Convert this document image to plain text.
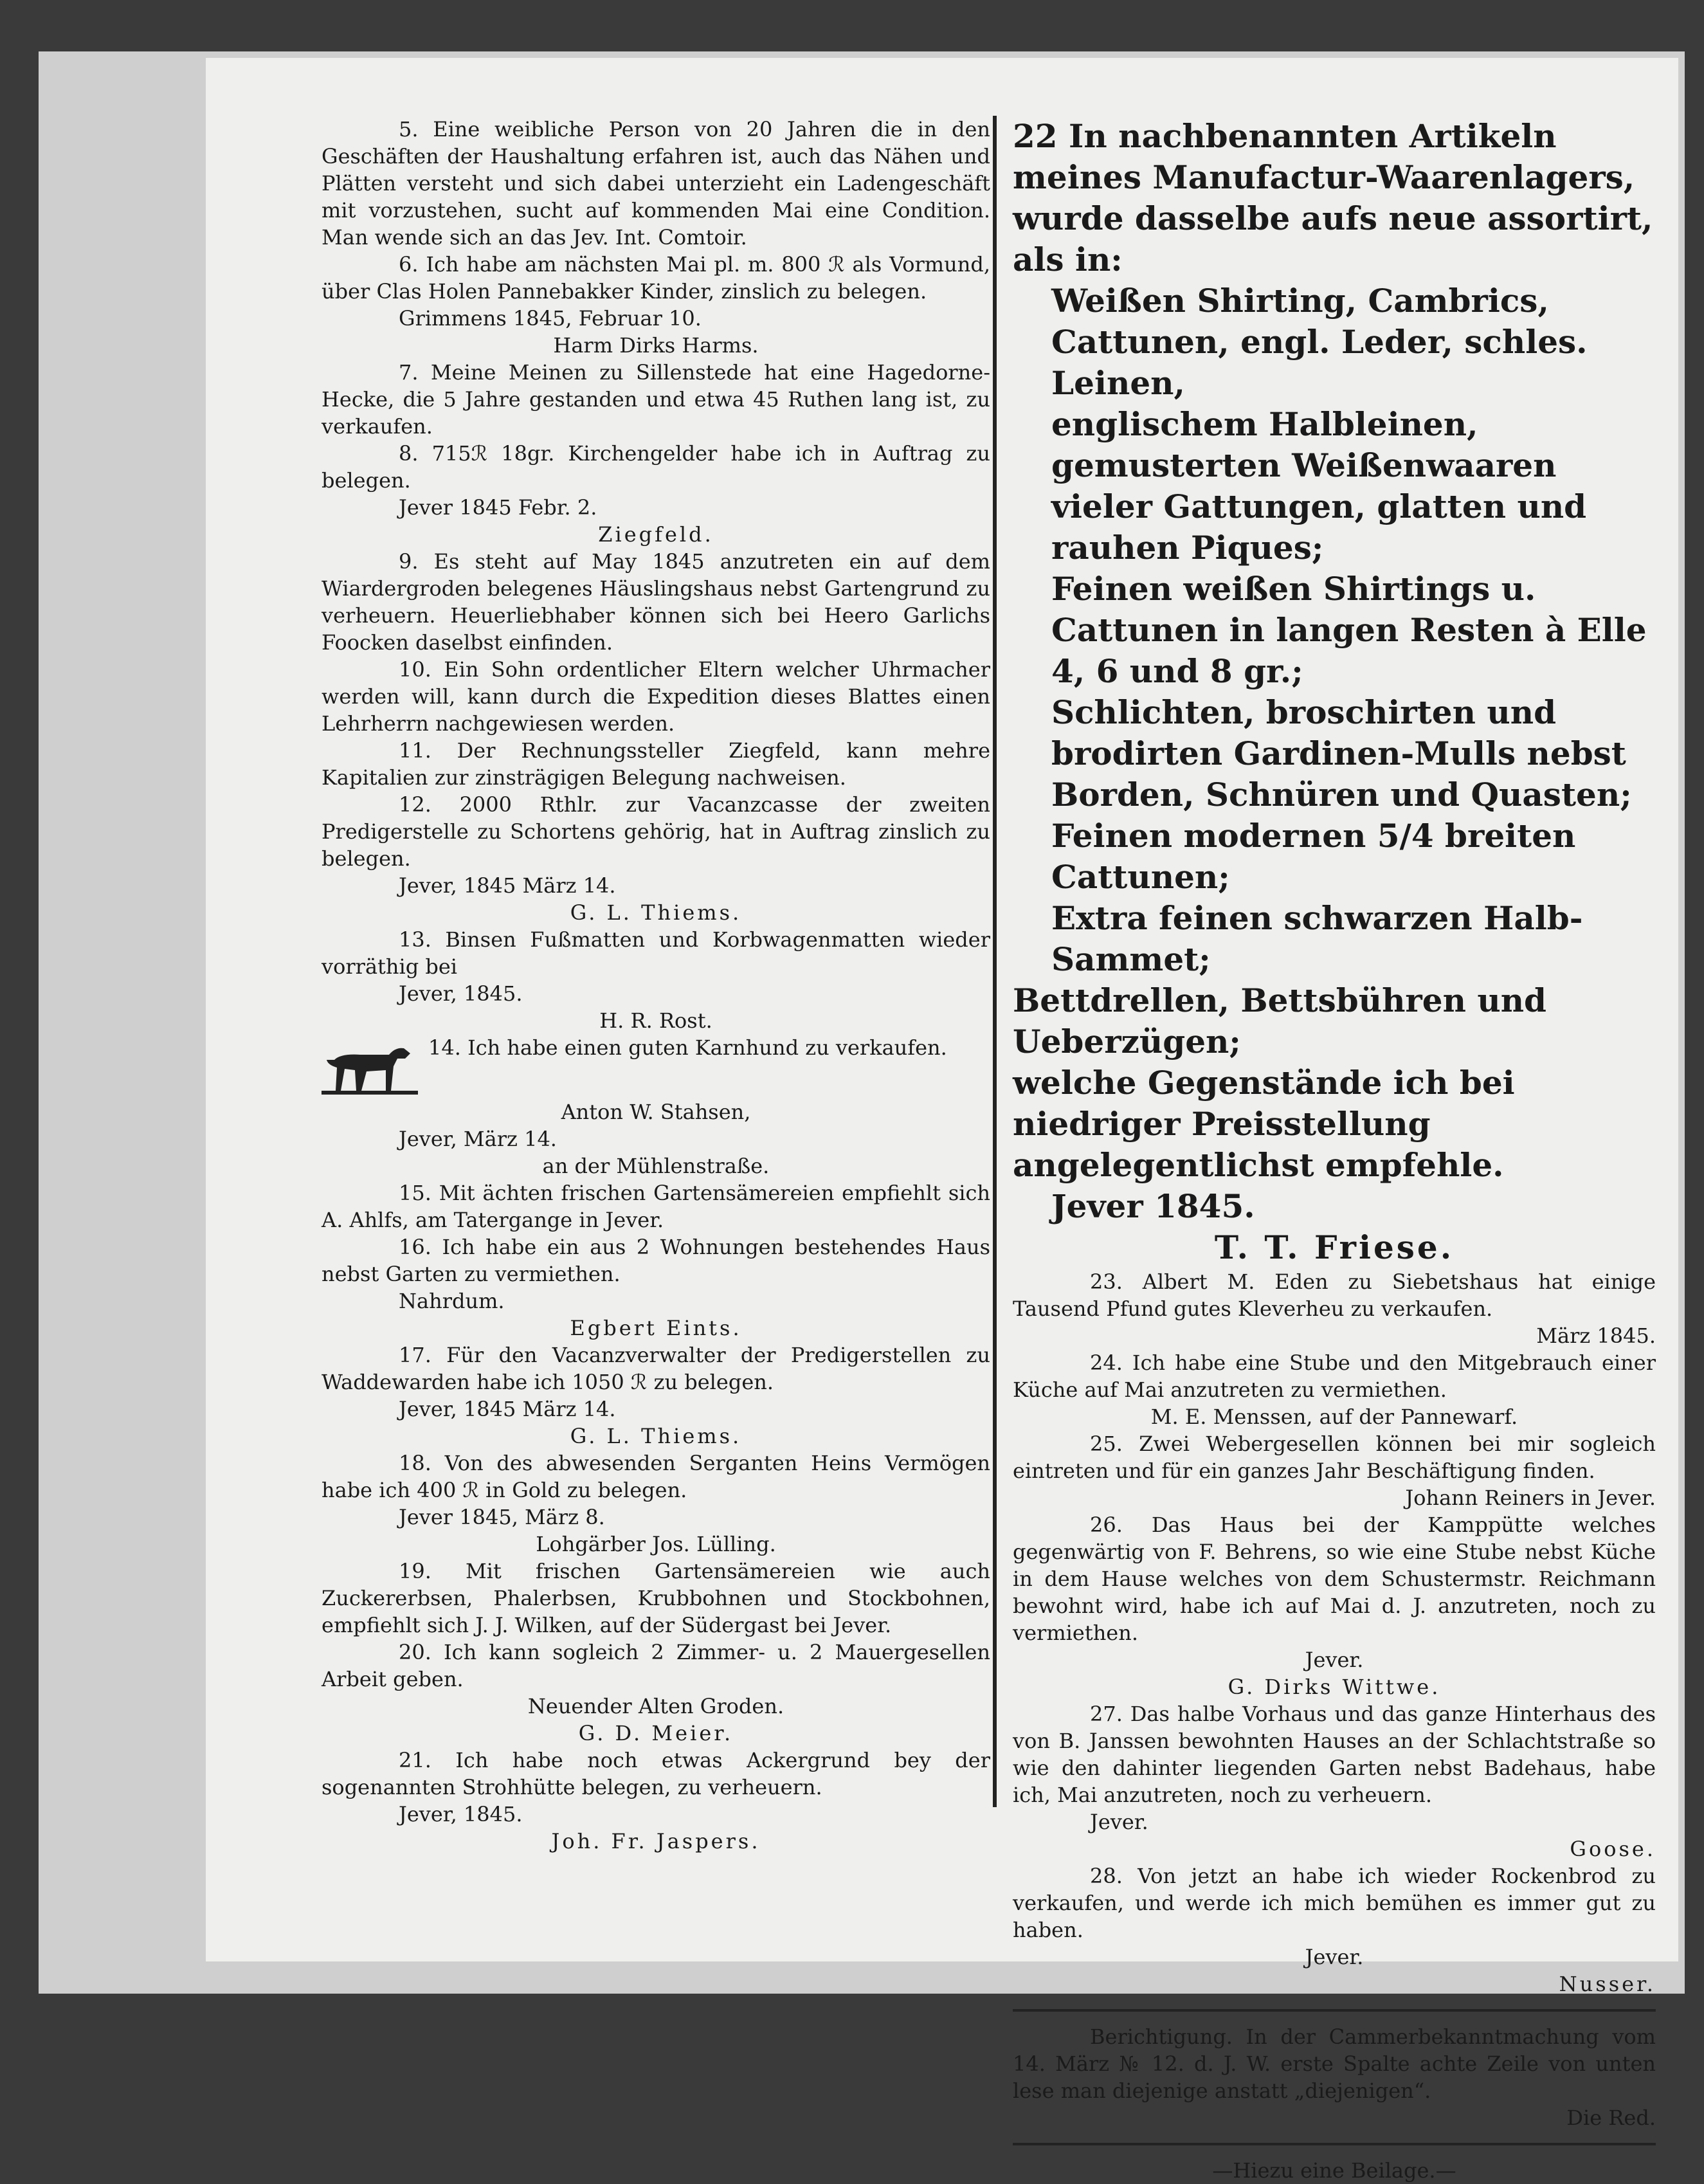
5. Eine weibliche Person von 20 Jahren die in den Geschäften der Haushaltung erfahren ist, auch das Nähen und Plätten versteht und sich dabei unterzieht ein Ladengeschäft mit vorzustehen, sucht auf kommenden Mai eine Condition. Man wende sich an das Jev. Int. Comtoir.

6. Ich habe am nächsten Mai pl. m. 800 ℛ als Vormund, über Clas Holen Pannebakker Kinder, zinslich zu belegen.

Grimmens 1845, Februar 10.

Harm Dirks Harms.

7. Meine Meinen zu Sillenstede hat eine Hagedorne-Hecke, die 5 Jahre gestanden und etwa 45 Ruthen lang ist, zu verkaufen.

8. 715ℛ 18gr. Kirchengelder habe ich in Auftrag zu belegen.

Jever 1845 Febr. 2.

Ziegfeld.

9. Es steht auf May 1845 anzutreten ein auf dem Wiardergroden belegenes Häuslingshaus nebst Gartengrund zu verheuern. Heuerliebhaber können sich bei Heero Garlichs Foocken daselbst einfinden.

10. Ein Sohn ordentlicher Eltern welcher Uhrmacher werden will, kann durch die Expedition dieses Blattes einen Lehrherrn nachgewiesen werden.

11. Der Rechnungssteller Ziegfeld, kann mehre Kapitalien zur zinsträgigen Belegung nachweisen.

12. 2000 Rthlr. zur Vacanzcasse der zweiten Predigerstelle zu Schortens gehörig, hat in Auftrag zinslich zu belegen.

Jever, 1845 März 14.

G. L. Thiems.

13. Binsen Fußmatten und Korbwagenmatten wieder vorräthig bei

Jever, 1845.

H. R. Rost.

14. Ich habe einen guten Karnhund zu verkaufen.

Anton W. Stahsen,

Jever, März 14.

an der Mühlenstraße.

15. Mit ächten frischen Gartensämereien empfiehlt sich A. Ahlfs, am Tatergange in Jever.

16. Ich habe ein aus 2 Wohnungen bestehendes Haus nebst Garten zu vermiethen.

Nahrdum.

Egbert Eints.

17. Für den Vacanzverwalter der Predigerstellen zu Waddewarden habe ich 1050 ℛ zu belegen.

Jever, 1845 März 14.

G. L. Thiems.

18. Von des abwesenden Serganten Heins Vermögen habe ich 400 ℛ in Gold zu belegen.

Jever 1845, März 8.

Lohgärber Jos. Lülling.

19. Mit frischen Gartensämereien wie auch Zuckererbsen, Phalerbsen, Krubbohnen und Stockbohnen, empfiehlt sich J. J. Wilken, auf der Südergast bei Jever.

20. Ich kann sogleich 2 Zimmer- u. 2 Mauergesellen Arbeit geben.

Neuender Alten Groden.

G. D. Meier.

21. Ich habe noch etwas Ackergrund bey der sogenannten Strohhütte belegen, zu verheuern.

Jever, 1845.

Joh. Fr. Jaspers.

22 In nachbenannten Artikeln meines Manufactur-Waarenlagers, wurde dasselbe aufs neue assortirt, als in:

Weißen Shirting, Cambrics, Cattunen, engl. Leder, schles. Leinen,

englischem Halbleinen, gemusterten Weißenwaaren vieler Gattungen, glatten und rauhen Piques;

Feinen weißen Shirtings u. Cattunen in langen Resten à Elle 4, 6 und 8 gr.;

Schlichten, broschirten und brodirten Gardinen-Mulls nebst Borden, Schnüren und Quasten;

Feinen modernen 5/4 breiten Cattunen;

Extra feinen schwarzen Halb-Sammet;

Bettdrellen, Bettsbühren und Ueberzügen;

welche Gegenstände ich bei niedriger Preisstellung angelegentlichst empfehle.

Jever 1845.

T. T. Friese.

23. Albert M. Eden zu Siebetshaus hat einige Tausend Pfund gutes Kleverheu zu verkaufen.

März 1845.

24. Ich habe eine Stube und den Mitgebrauch einer Küche auf Mai anzutreten zu vermiethen.

M. E. Menssen, auf der Pannewarf.

25. Zwei Webergesellen können bei mir sogleich eintreten und für ein ganzes Jahr Beschäftigung finden.

Johann Reiners in Jever.

26. Das Haus bei der Kamppütte welches gegenwärtig von F. Behrens, so wie eine Stube nebst Küche in dem Hause welches von dem Schustermstr. Reichmann bewohnt wird, habe ich auf Mai d. J. anzutreten, noch zu vermiethen.

Jever.

G. Dirks Wittwe.

27. Das halbe Vorhaus und das ganze Hinterhaus des von B. Janssen bewohnten Hauses an der Schlachtstraße so wie den dahinter liegenden Garten nebst Badehaus, habe ich, Mai anzutreten, noch zu verheuern.

Jever.

Goose.

28. Von jetzt an habe ich wieder Rockenbrod zu verkaufen, und werde ich mich bemühen es immer gut zu haben.

Jever.

Nusser.

Berichtigung. In der Cammerbekanntmachung vom 14. März № 12. d. J. W. erste Spalte achte Zeile von unten lese man diejenige anstatt „diejenigen“.

Die Red.

—Hiezu eine Beilage.—
